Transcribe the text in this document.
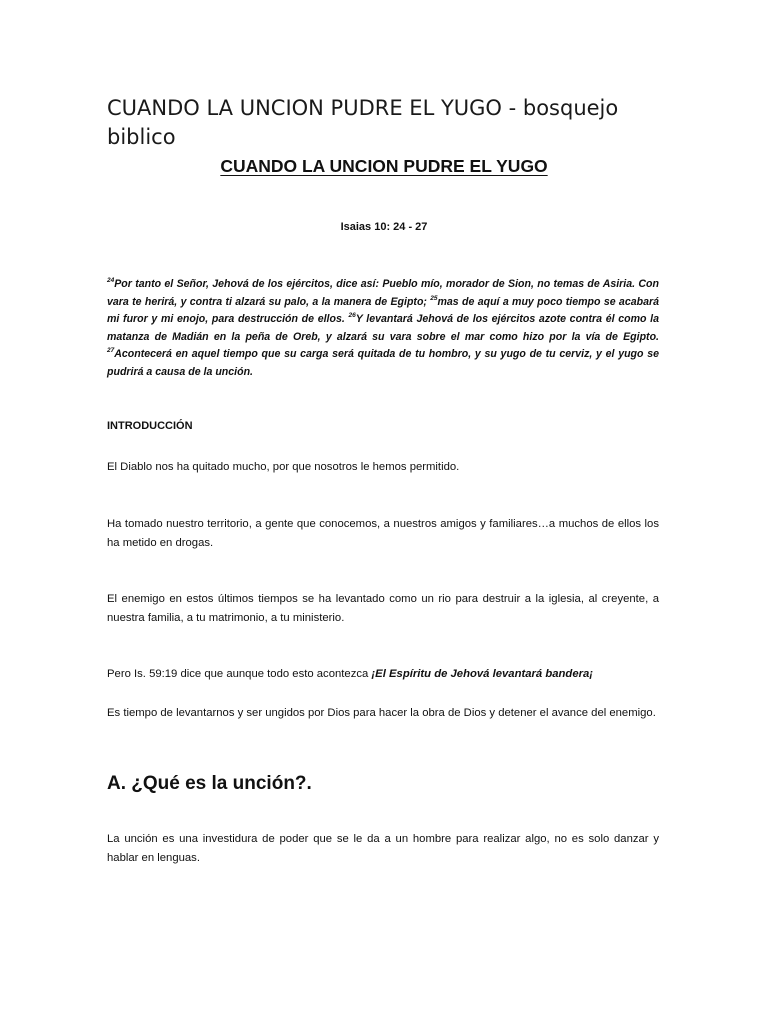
CUANDO LA UNCION PUDRE EL YUGO - bosquejo biblico
CUANDO LA UNCION PUDRE EL YUGO

Isaias 10: 24 - 27

$^{24}$Por tanto el Señor, Jehová de los ejércitos, dice así: Pueblo mío, morador de Sion, no temas de Asiria. Con vara te herirá, y contra ti alzará su palo, a la manera de Egipto; $^{25}$mas de aquí a muy poco tiempo se acabará mi furor y mi enojo, para destrucción de ellos. $^{26}$Y levantará Jehová de los ejércitos azote contra él como la matanza de Madián en la peña de Oreb, y alzará su vara sobre el mar como hizo por la vía de Egipto. $^{27}$Acontecerá en aquel tiempo que su carga será quitada de tu hombro, y su yugo de tu cerviz, y el yugo se pudrirá a causa de la unción.

INTRODUCCIÓN

El Diablo nos ha quitado mucho, por que nosotros le hemos permitido.

Ha tomado nuestro territorio, a gente que conocemos, a nuestros amigos y familiares…a muchos de ellos los ha metido en drogas.

El enemigo en estos últimos tiempos se ha levantado como un rio para destruir a la iglesia, al creyente, a nuestra familia, a tu matrimonio, a tu ministerio.

Pero Is. 59:19 dice que aunque todo esto acontezca ¡El Espíritu de Jehová levantará bandera¡

Es tiempo de levantarnos y ser ungidos por Dios para hacer la obra de Dios y detener el avance del enemigo.

A. ¿Qué es la unción?.

La unción es una investidura de poder que se le da a un hombre para realizar algo, no es solo danzar y hablar en lenguas.
